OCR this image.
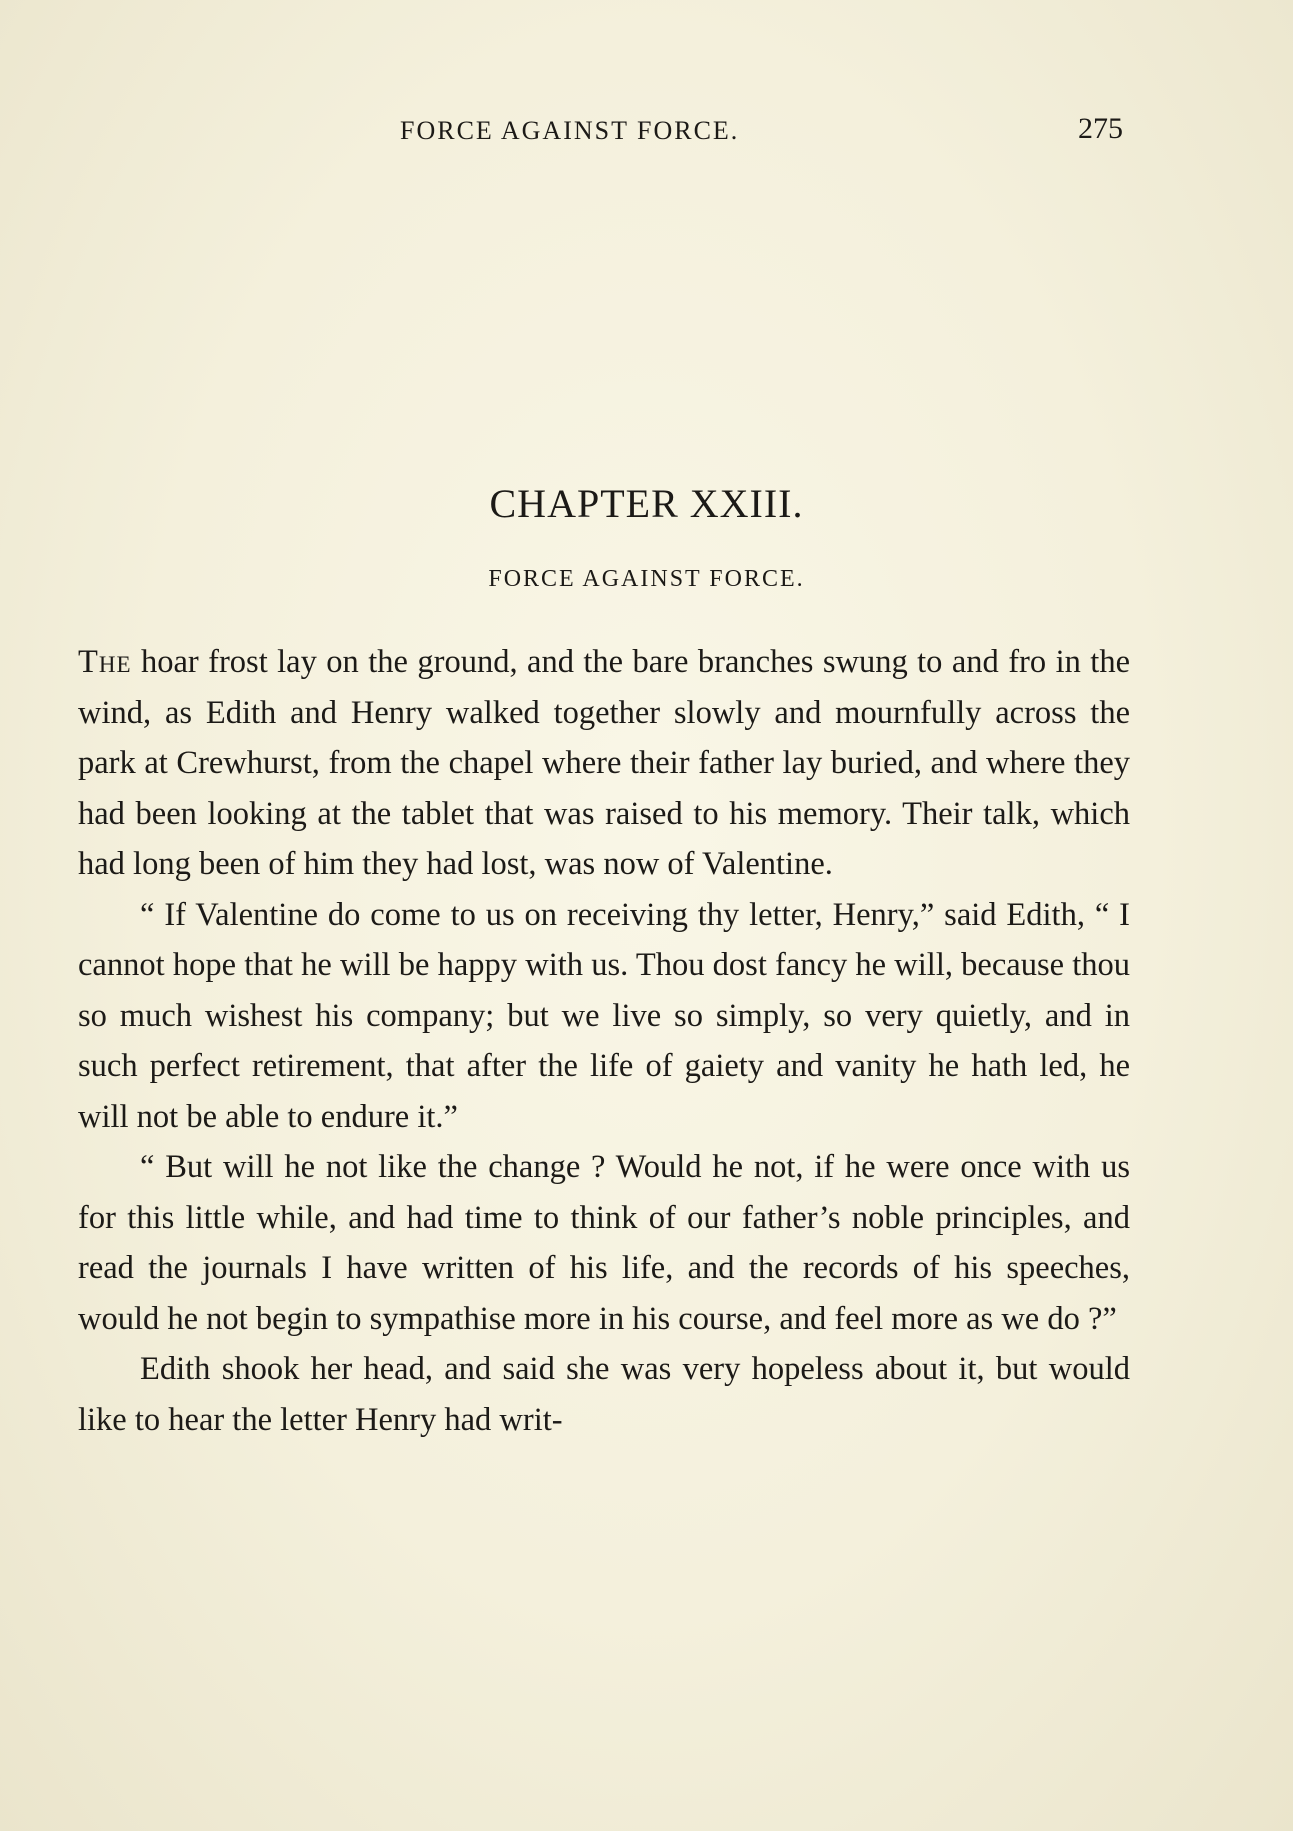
FORCE AGAINST FORCE.	275
CHAPTER XXIII.
FORCE AGAINST FORCE.

The hoar frost lay on the ground, and the bare branches swung to and fro in the wind, as Edith and Henry walked together slowly and mournfully across the park at Crewhurst, from the chapel where their father lay buried, and where they had been looking at the tablet that was raised to his memory. Their talk, which had long been of him they had lost, was now of Valentine.

“ If Valentine do come to us on receiving thy letter, Henry,” said Edith, “ I cannot hope that he will be happy with us. Thou dost fancy he will, because thou so much wishest his company; but we live so simply, so very quietly, and in such perfect retirement, that after the life of gaiety and vanity he hath led, he will not be able to endure it.”

“ But will he not like the change ? Would he not, if he were once with us for this little while, and had time to think of our father’s noble principles, and read the journals I have written of his life, and the records of his speeches, would he not begin to sympathise more in his course, and feel more as we do ?”

Edith shook her head, and said she was very hopeless about it, but would like to hear the letter Henry had writ-
